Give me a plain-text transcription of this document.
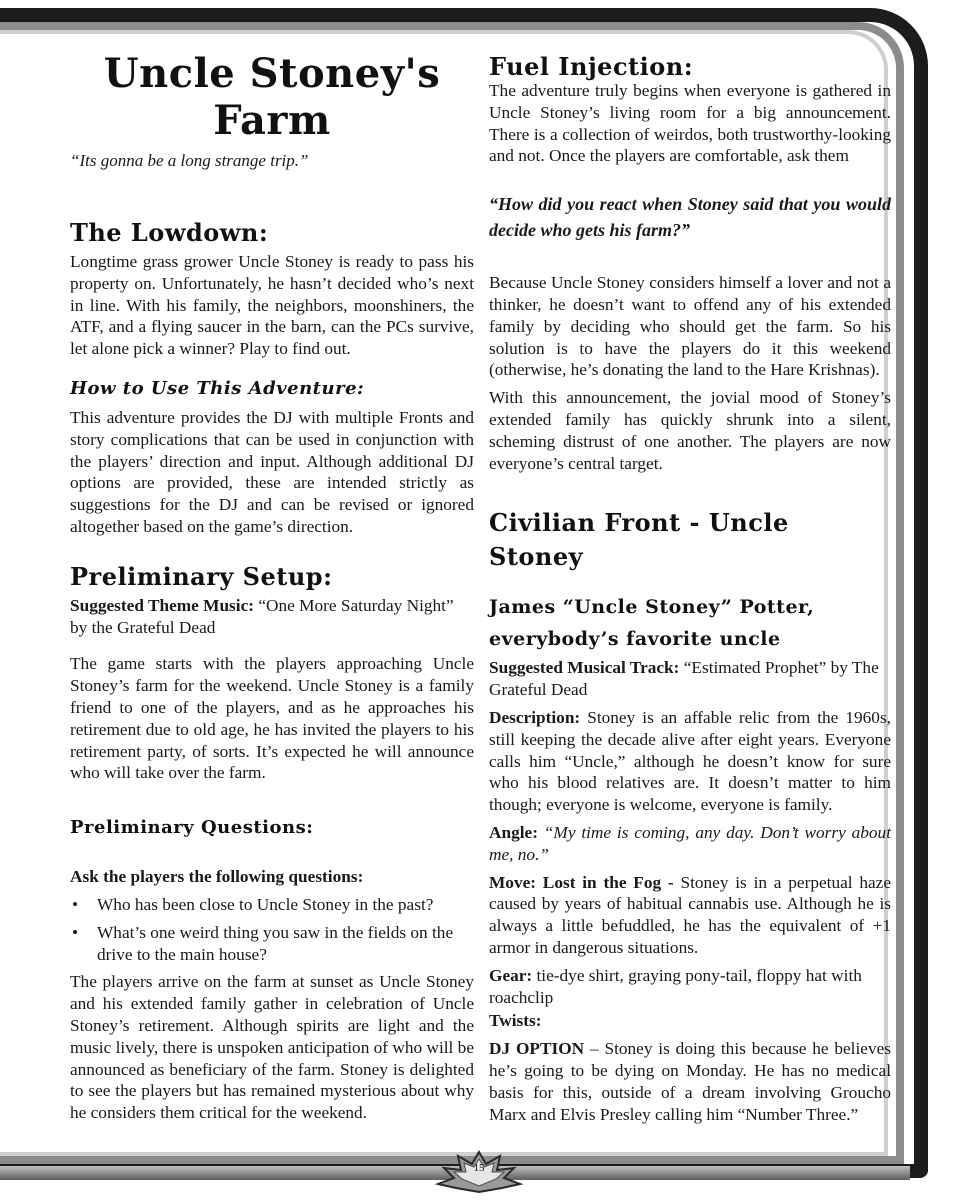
Uncle Stoney's Farm

“Its gonna be a long strange trip.”

The Lowdown:

Longtime grass grower Uncle Stoney is ready to pass his property on. Unfortunately, he hasn’t decided who’s next in line. With his family, the neighbors, moonshiners, the ATF, and a flying saucer in the barn, can the PCs survive, let alone pick a winner? Play to find out.

How to Use This Adventure:

This adventure provides the DJ with multiple Fronts and story complications that can be used in conjunction with the players’ direction and input. Although additional DJ options are provided, these are intended strictly as suggestions for the DJ and can be revised or ignored altogether based on the game’s direction.

Preliminary Setup:

Suggested Theme Music: “One More Saturday Night” by the Grateful Dead

The game starts with the players approaching Uncle Stoney’s farm for the weekend. Uncle Stoney is a family friend to one of the players, and as he approaches his retirement due to old age, he has invited the players to his retirement party, of sorts. It’s expected he will announce who will take over the farm.

Preliminary Questions:

Ask the players the following questions:

• Who has been close to Uncle Stoney in the past?
• What’s one weird thing you saw in the fields on the drive to the main house?

The players arrive on the farm at sunset as Uncle Stoney and his extended family gather in celebration of Uncle Stoney’s retirement. Although spirits are light and the music lively, there is unspoken anticipation of who will be announced as beneficiary of the farm. Stoney is delighted to see the players but has remained mysterious about why he considers them critical for the weekend.

Fuel Injection:

The adventure truly begins when everyone is gathered in Uncle Stoney’s living room for a big announcement. There is a collection of weirdos, both trustworthy-looking and not. Once the players are comfortable, ask them

“How did you react when Stoney said that you would decide who gets his farm?”

Because Uncle Stoney considers himself a lover and not a thinker, he doesn’t want to offend any of his extended family by deciding who should get the farm. So his solution is to have the players do it this weekend (otherwise, he’s donating the land to the Hare Krishnas).

With this announcement, the jovial mood of Stoney’s extended family has quickly shrunk into a silent, scheming distrust of one another. The players are now everyone’s central target.

Civilian Front - Uncle Stoney
James “Uncle Stoney” Potter, everybody’s favorite uncle

Suggested Musical Track: “Estimated Prophet” by The Grateful Dead

Description: Stoney is an affable relic from the 1960s, still keeping the decade alive after eight years. Everyone calls him “Uncle,” although he doesn’t know for sure who his blood relatives are. It doesn’t matter to him though; everyone is welcome, everyone is family.

Angle: “My time is coming, any day. Don’t worry about me, no.”

Move: Lost in the Fog - Stoney is in a perpetual haze caused by years of habitual cannabis use. Although he is always a little befuddled, he has the equivalent of +1 armor in dangerous situations.

Gear: tie-dye shirt, graying pony-tail, floppy hat with roachclip

Twists:

DJ OPTION – Stoney is doing this because he believes he’s going to be dying on Monday. He has no medical basis for this, outside of a dream involving Groucho Marx and Elvis Presley calling him “Number Three.”

15
